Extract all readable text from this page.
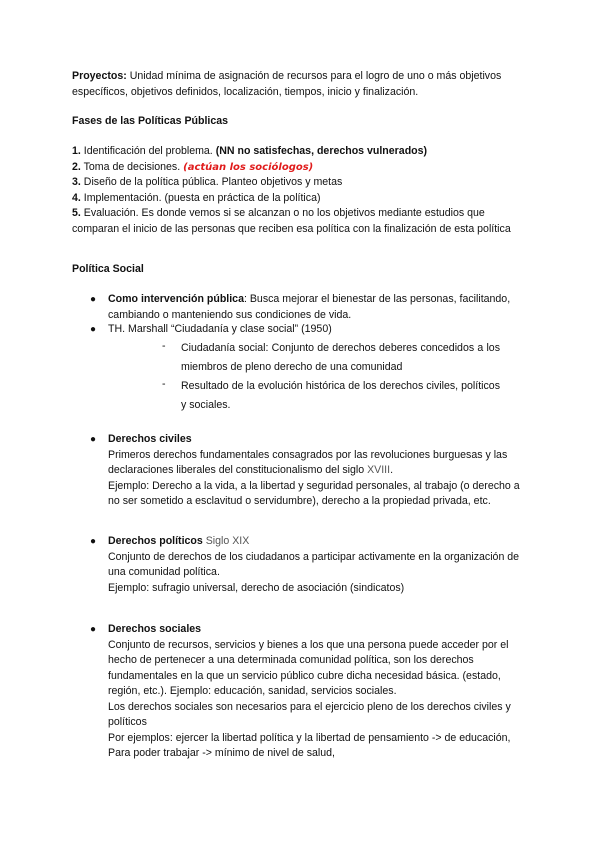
Proyectos: Unidad mínima de asignación de recursos para el logro de uno o más objetivos específicos, objetivos definidos, localización, tiempos, inicio y finalización.

Fases de las Políticas Públicas

1. Identificación del problema. (NN no satisfechas, derechos vulnerados)

2. Toma de decisiones. (actúan los sociólogos)

3. Diseño de la política pública. Planteo objetivos y metas

4. Implementación. (puesta en práctica de la política)

5. Evaluación. Es donde vemos si se alcanzan o no los objetivos mediante estudios que comparan el inicio de las personas que reciben esa política con la finalización de esta política

Política Social

●	Como intervención pública: Busca mejorar el bienestar de las personas, facilitando, cambiando o manteniendo sus condiciones de vida.

●	TH. Marshall “Ciudadanía y clase social” (1950)

-	Ciudadanía social: Conjunto de derechos deberes concedidos a los miembros de pleno derecho de una comunidad

-	Resultado de la evolución histórica de los derechos civiles, políticos y sociales.

●	Derechos civiles

Primeros derechos fundamentales consagrados por las revoluciones burguesas y las declaraciones liberales del constitucionalismo del siglo XVIII.

Ejemplo: Derecho a la vida, a la libertad y seguridad personales, al trabajo (o derecho a no ser sometido a esclavitud o servidumbre), derecho a la propiedad privada, etc.

●	Derechos políticos Siglo XIX

Conjunto de derechos de los ciudadanos a participar activamente en la organización de una comunidad política.

Ejemplo: sufragio universal, derecho de asociación (sindicatos)

●	Derechos sociales

Conjunto de recursos, servicios y bienes a los que una persona puede acceder por el hecho de pertenecer a una determinada comunidad política, son los derechos fundamentales en la que un servicio público cubre dicha necesidad básica. (estado, región, etc.). Ejemplo: educación, sanidad, servicios sociales.

Los derechos sociales son necesarios para el ejercicio pleno de los derechos civiles y políticos

Por ejemplos: ejercer la libertad política y la libertad de pensamiento -> de educación,

Para poder trabajar -> mínimo de nivel de salud,
